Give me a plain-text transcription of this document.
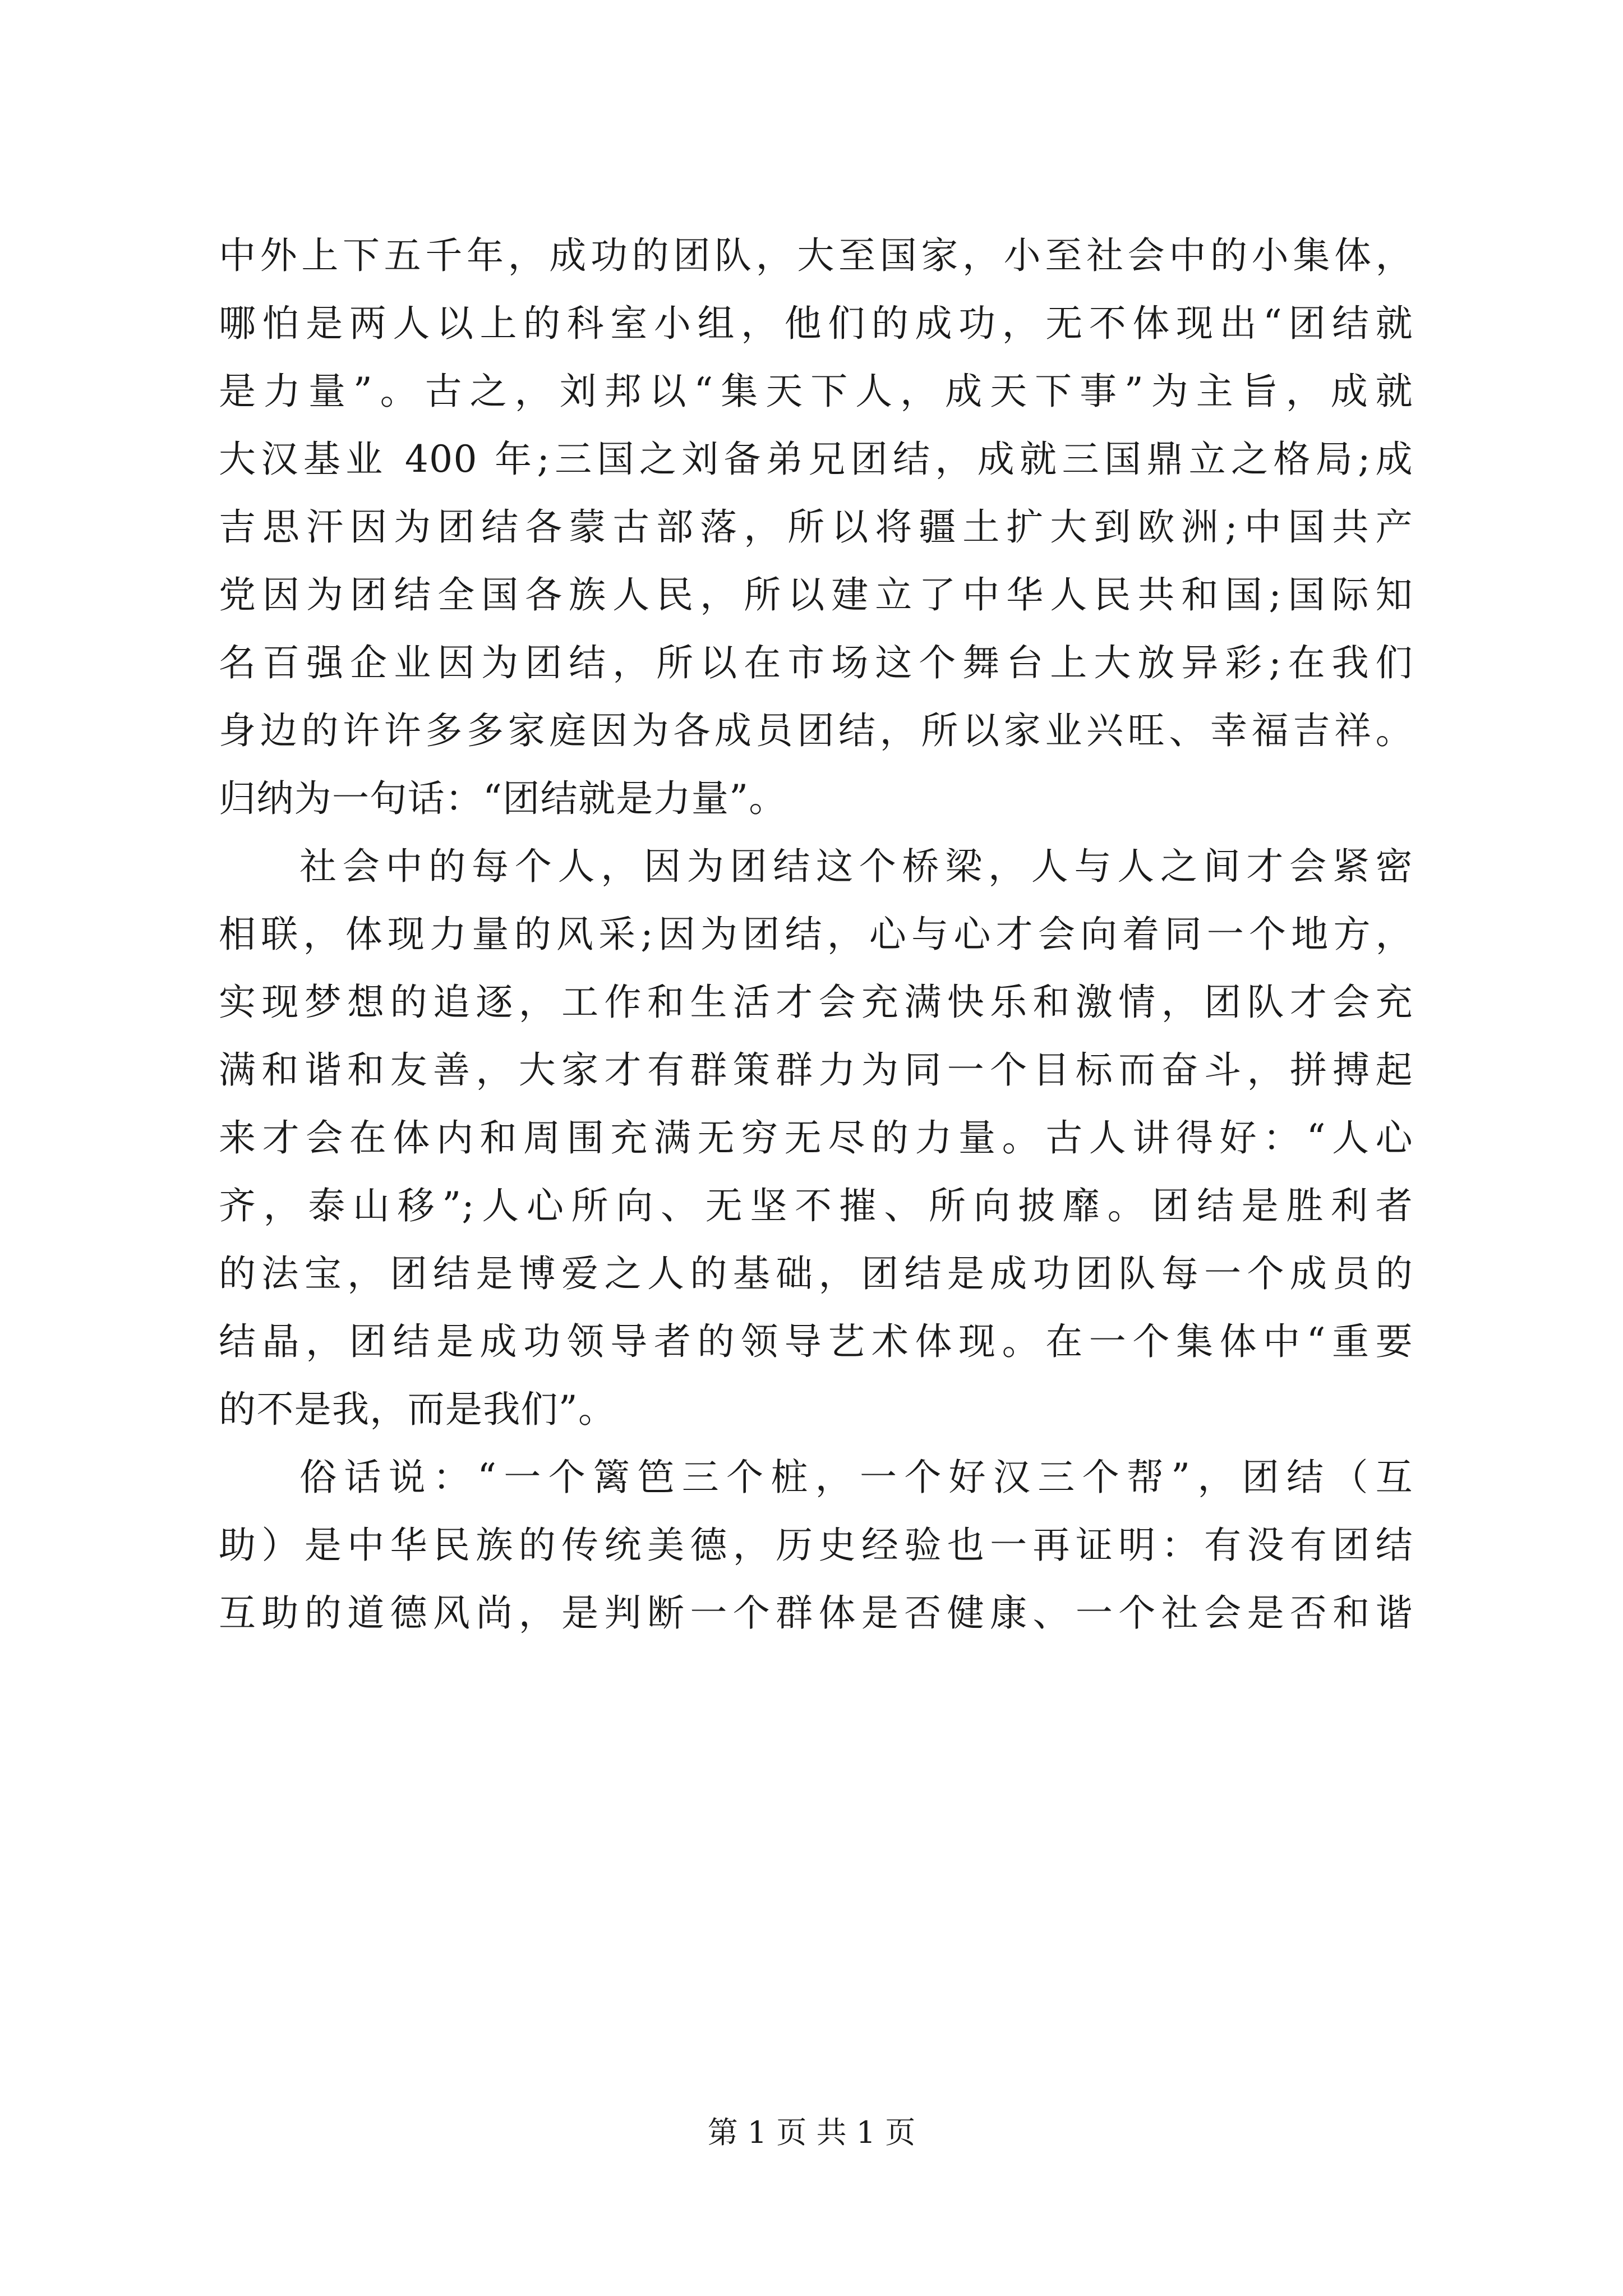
中外上下五千年，成功的团队，大至国家，小至社会中的小集体，
哪怕是两人以上的科室小组，他们的成功，无不体现出“团结就
是力量”。古之，刘邦以“集天下人，成天下事”为主旨，成就
大汉基业 400 年;三国之刘备弟兄团结，成就三国鼎立之格局;成
吉思汗因为团结各蒙古部落，所以将疆土扩大到欧洲;中国共产
党因为团结全国各族人民，所以建立了中华人民共和国;国际知
名百强企业因为团结，所以在市场这个舞台上大放异彩;在我们
身边的许许多多家庭因为各成员团结，所以家业兴旺、幸福吉祥。
归纳为一句话：“团结就是力量”。
社会中的每个人，因为团结这个桥梁，人与人之间才会紧密
相联，体现力量的风采;因为团结，心与心才会向着同一个地方，
实现梦想的追逐，工作和生活才会充满快乐和激情，团队才会充
满和谐和友善，大家才有群策群力为同一个目标而奋斗，拼搏起
来才会在体内和周围充满无穷无尽的力量。古人讲得好：“人心
齐，泰山移”;人心所向、无坚不摧、所向披靡。团结是胜利者
的法宝，团结是博爱之人的基础，团结是成功团队每一个成员的
结晶，团结是成功领导者的领导艺术体现。在一个集体中“重要
的不是我，而是我们”。
俗话说：“一个篱笆三个桩，一个好汉三个帮”，团结（互
助）是中华民族的传统美德，历史经验也一再证明：有没有团结
互助的道德风尚，是判断一个群体是否健康、一个社会是否和谐
第 1 页 共 1 页
